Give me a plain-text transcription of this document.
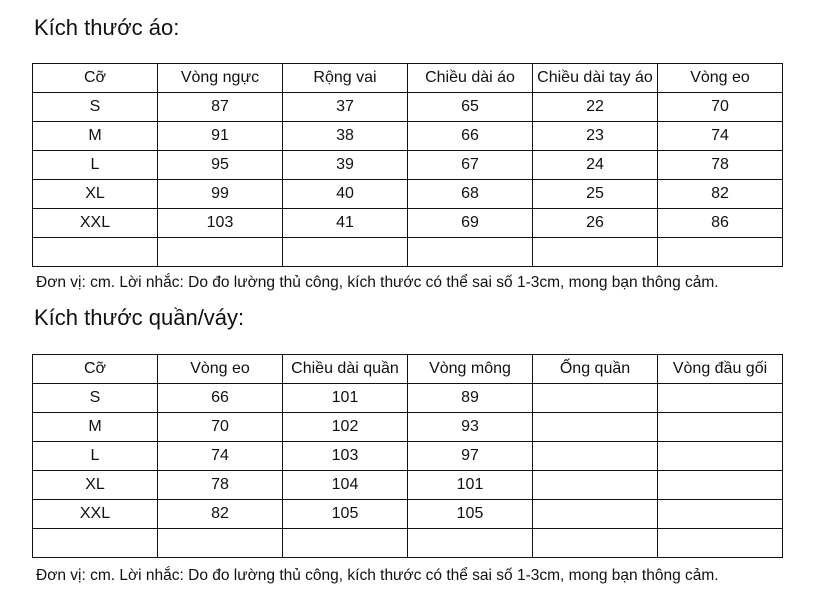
Kích thước áo:
Cỡ	Vòng ngực	Rộng vai	Chiều dài áo	Chiều dài tay áo	Vòng eo
S	87	37	65	22	70
M	91	38	66	23	74
L	95	39	67	24	78
XL	99	40	68	25	82
XXL	103	41	69	26	86

Đơn vị: cm. Lời nhắc: Do đo lường thủ công, kích thước có thể sai số 1-3cm, mong bạn thông cảm.
Kích thước quần/váy:
Cỡ	Vòng eo	Chiều dài quần	Vòng mông	Ống quần	Vòng đầu gối
S	66	101	89		
M	70	102	93		
L	74	103	97		
XL	78	104	101		
XXL	82	105	105		

Đơn vị: cm. Lời nhắc: Do đo lường thủ công, kích thước có thể sai số 1-3cm, mong bạn thông cảm.
